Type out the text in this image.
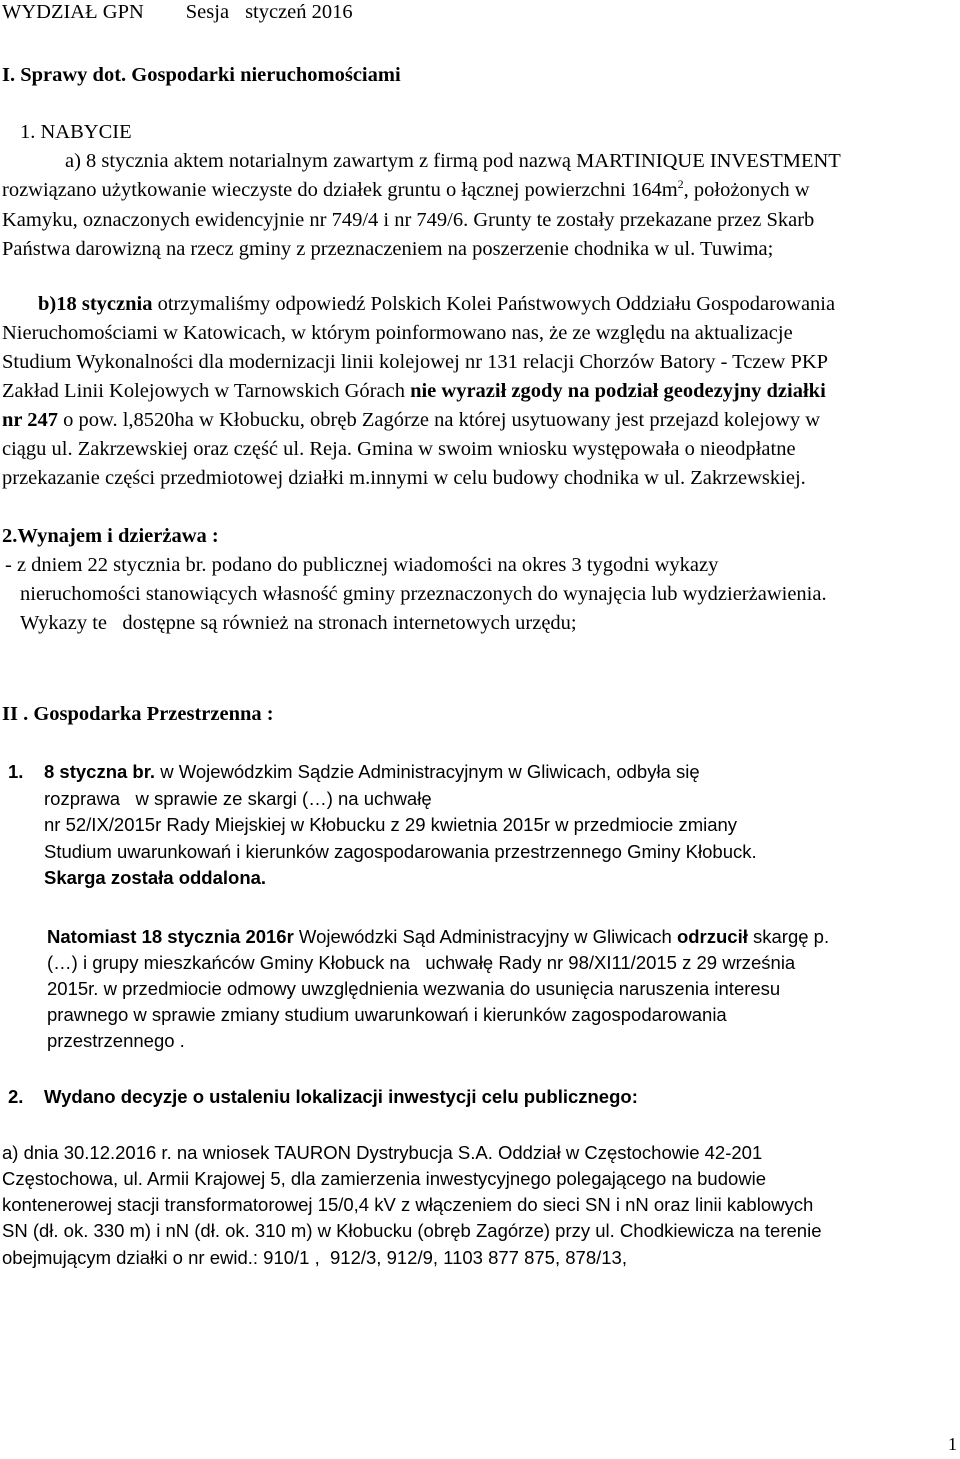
WYDZIAŁ GPN Sesja styczeń 2016
I. Sprawy dot. Gospodarki nieruchomościami
1. NABYCIE
a) 8 stycznia aktem notarialnym zawartym z firmą pod nazwą MARTINIQUE INVESTMENT
rozwiązano użytkowanie wieczyste do działek gruntu o łącznej powierzchni $164m^2$, położonych w
Kamyku, oznaczonych ewidencyjnie nr 749/4 i nr 749/6. Grunty te zostały przekazane przez Skarb
Państwa darowizną na rzecz gminy z przeznaczeniem na poszerzenie chodnika w ul. Tuwima;
b)18 stycznia otrzymaliśmy odpowiedź Polskich Kolei Państwowych Oddziału Gospodarowania
Nieruchomościami w Katowicach, w którym poinformowano nas, że ze względu na aktualizacje
Studium Wykonalności dla modernizacji linii kolejowej nr 131 relacji Chorzów Batory - Tczew PKP
Zakład Linii Kolejowych w Tarnowskich Górach nie wyraził zgody na podział geodezyjny działki
nr 247 o pow. l,8520ha w Kłobucku, obręb Zagórze na której usytuowany jest przejazd kolejowy w
ciągu ul. Zakrzewskiej oraz część ul. Reja. Gmina w swoim wniosku występowała o nieodpłatne
przekazanie części przedmiotowej działki m.innymi w celu budowy chodnika w ul. Zakrzewskiej.
2.Wynajem i dzierżawa :
- z dniem 22 stycznia br. podano do publicznej wiadomości na okres 3 tygodni wykazy
nieruchomości stanowiących własność gminy przeznaczonych do wynajęcia lub wydzierżawienia.
Wykazy te   dostępne są również na stronach internetowych urzędu;
II . Gospodarka Przestrzenna :
1. 8 styczna br. w Wojewódzkim Sądzie Administracyjnym w Gliwicach, odbyła się
rozprawa   w sprawie ze skargi (…) na uchwałę
nr 52/IX/2015r Rady Miejskiej w Kłobucku z 29 kwietnia 2015r w przedmiocie zmiany
Studium uwarunkowań i kierunków zagospodarowania przestrzennego Gminy Kłobuck.
Skarga została oddalona.
Natomiast 18 stycznia 2016r Wojewódzki Sąd Administracyjny w Gliwicach odrzucił skargę p.
(…) i grupy mieszkańców Gminy Kłobuck na   uchwałę Rady nr 98/XI11/2015 z 29 września
2015r. w przedmiocie odmowy uwzględnienia wezwania do usunięcia naruszenia interesu
prawnego w sprawie zmiany studium uwarunkowań i kierunków zagospodarowania
przestrzennego .
2. Wydano decyzje o ustaleniu lokalizacji inwestycji celu publicznego:
a) dnia 30.12.2016 r. na wniosek TAURON Dystrybucja S.A. Oddział w Częstochowie 42-201
Częstochowa, ul. Armii Krajowej 5, dla zamierzenia inwestycyjnego polegającego na budowie
kontenerowej stacji transformatorowej 15/0,4 kV z włączeniem do sieci SN i nN oraz linii kablowych
SN (dł. ok. 330 m) i nN (dł. ok. 310 m) w Kłobucku (obręb Zagórze) przy ul. Chodkiewicza na terenie
obejmującym działki o nr ewid.: 910/1 ,  912/3, 912/9, 1103 877 875, 878/13,
1
